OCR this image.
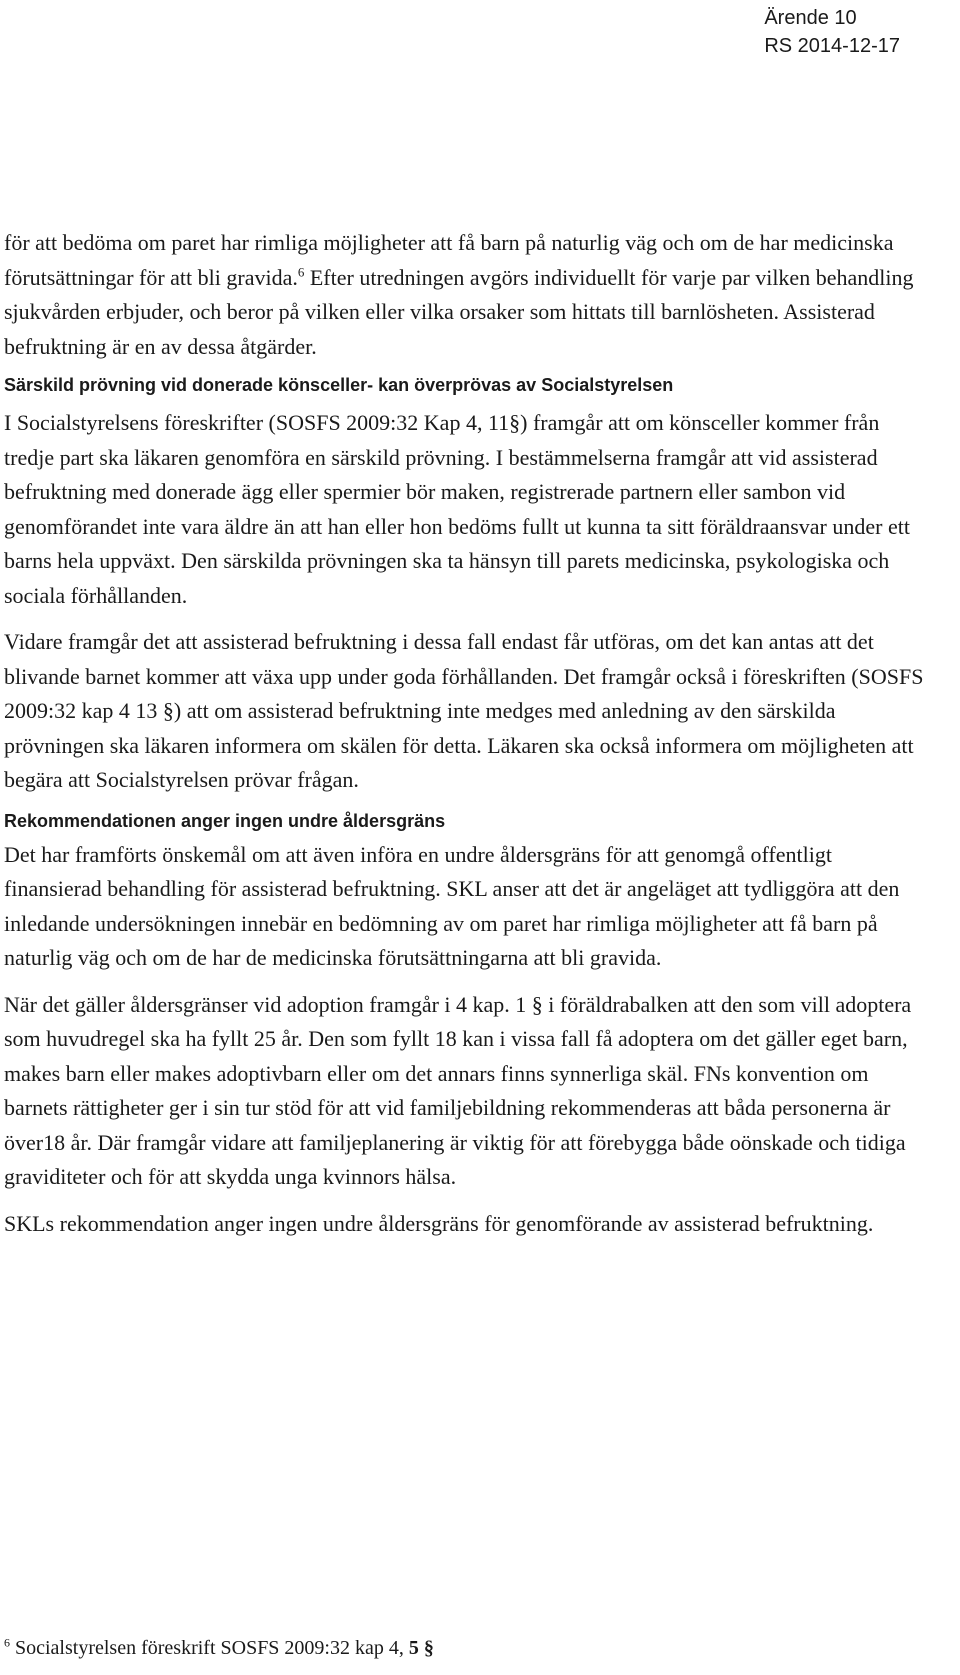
Ärende 10
RS 2014-12-17

för att bedöma om paret har rimliga möjligheter att få barn på naturlig väg och om de har medicinska förutsättningar för att bli gravida.$^6$ Efter utredningen avgörs individuellt för varje par vilken behandling sjukvården erbjuder, och beror på vilken eller vilka orsaker som hittats till barnlösheten. Assisterad befruktning är en av dessa åtgärder.

Särskild prövning vid donerade könsceller- kan överprövas av Socialstyrelsen

I Socialstyrelsens föreskrifter (SOSFS 2009:32 Kap 4, 11§) framgår att om könsceller kommer från tredje part ska läkaren genomföra en särskild prövning. I bestämmelserna framgår att vid assisterad befruktning med donerade ägg eller spermier bör maken, registrerade partnern eller sambon vid genomförandet inte vara äldre än att han eller hon bedöms fullt ut kunna ta sitt föräldraansvar under ett barns hela uppväxt. Den särskilda prövningen ska ta hänsyn till parets medicinska, psykologiska och sociala förhållanden.

Vidare framgår det att assisterad befruktning i dessa fall endast får utföras, om det kan antas att det blivande barnet kommer att växa upp under goda förhållanden. Det framgår också i föreskriften (SOSFS 2009:32 kap 4 13 §) att om assisterad befruktning inte medges med anledning av den särskilda prövningen ska läkaren informera om skälen för detta. Läkaren ska också informera om möjligheten att begära att Socialstyrelsen prövar frågan.

Rekommendationen anger ingen undre åldersgräns

Det har framförts önskemål om att även införa en undre åldersgräns för att genomgå offentligt finansierad behandling för assisterad befruktning. SKL anser att det är angeläget att tydliggöra att den inledande undersökningen innebär en bedömning av om paret har rimliga möjligheter att få barn på naturlig väg och om de har de medicinska förutsättningarna att bli gravida.

När det gäller åldersgränser vid adoption framgår i 4 kap. 1 § i föräldrabalken att den som vill adoptera som huvudregel ska ha fyllt 25 år. Den som fyllt 18 kan i vissa fall få adoptera om det gäller eget barn, makes barn eller makes adoptivbarn eller om det annars finns synnerliga skäl. FNs konvention om barnets rättigheter ger i sin tur stöd för att vid familjebildning rekommenderas att båda personerna är över18 år. Där framgår vidare att familjeplanering är viktig för att förebygga både oönskade och tidiga graviditeter och för att skydda unga kvinnors hälsa.

SKLs rekommendation anger ingen undre åldersgräns för genomförande av assisterad befruktning.

$^6$ Socialstyrelsen föreskrift SOSFS 2009:32 kap 4, 5 §
